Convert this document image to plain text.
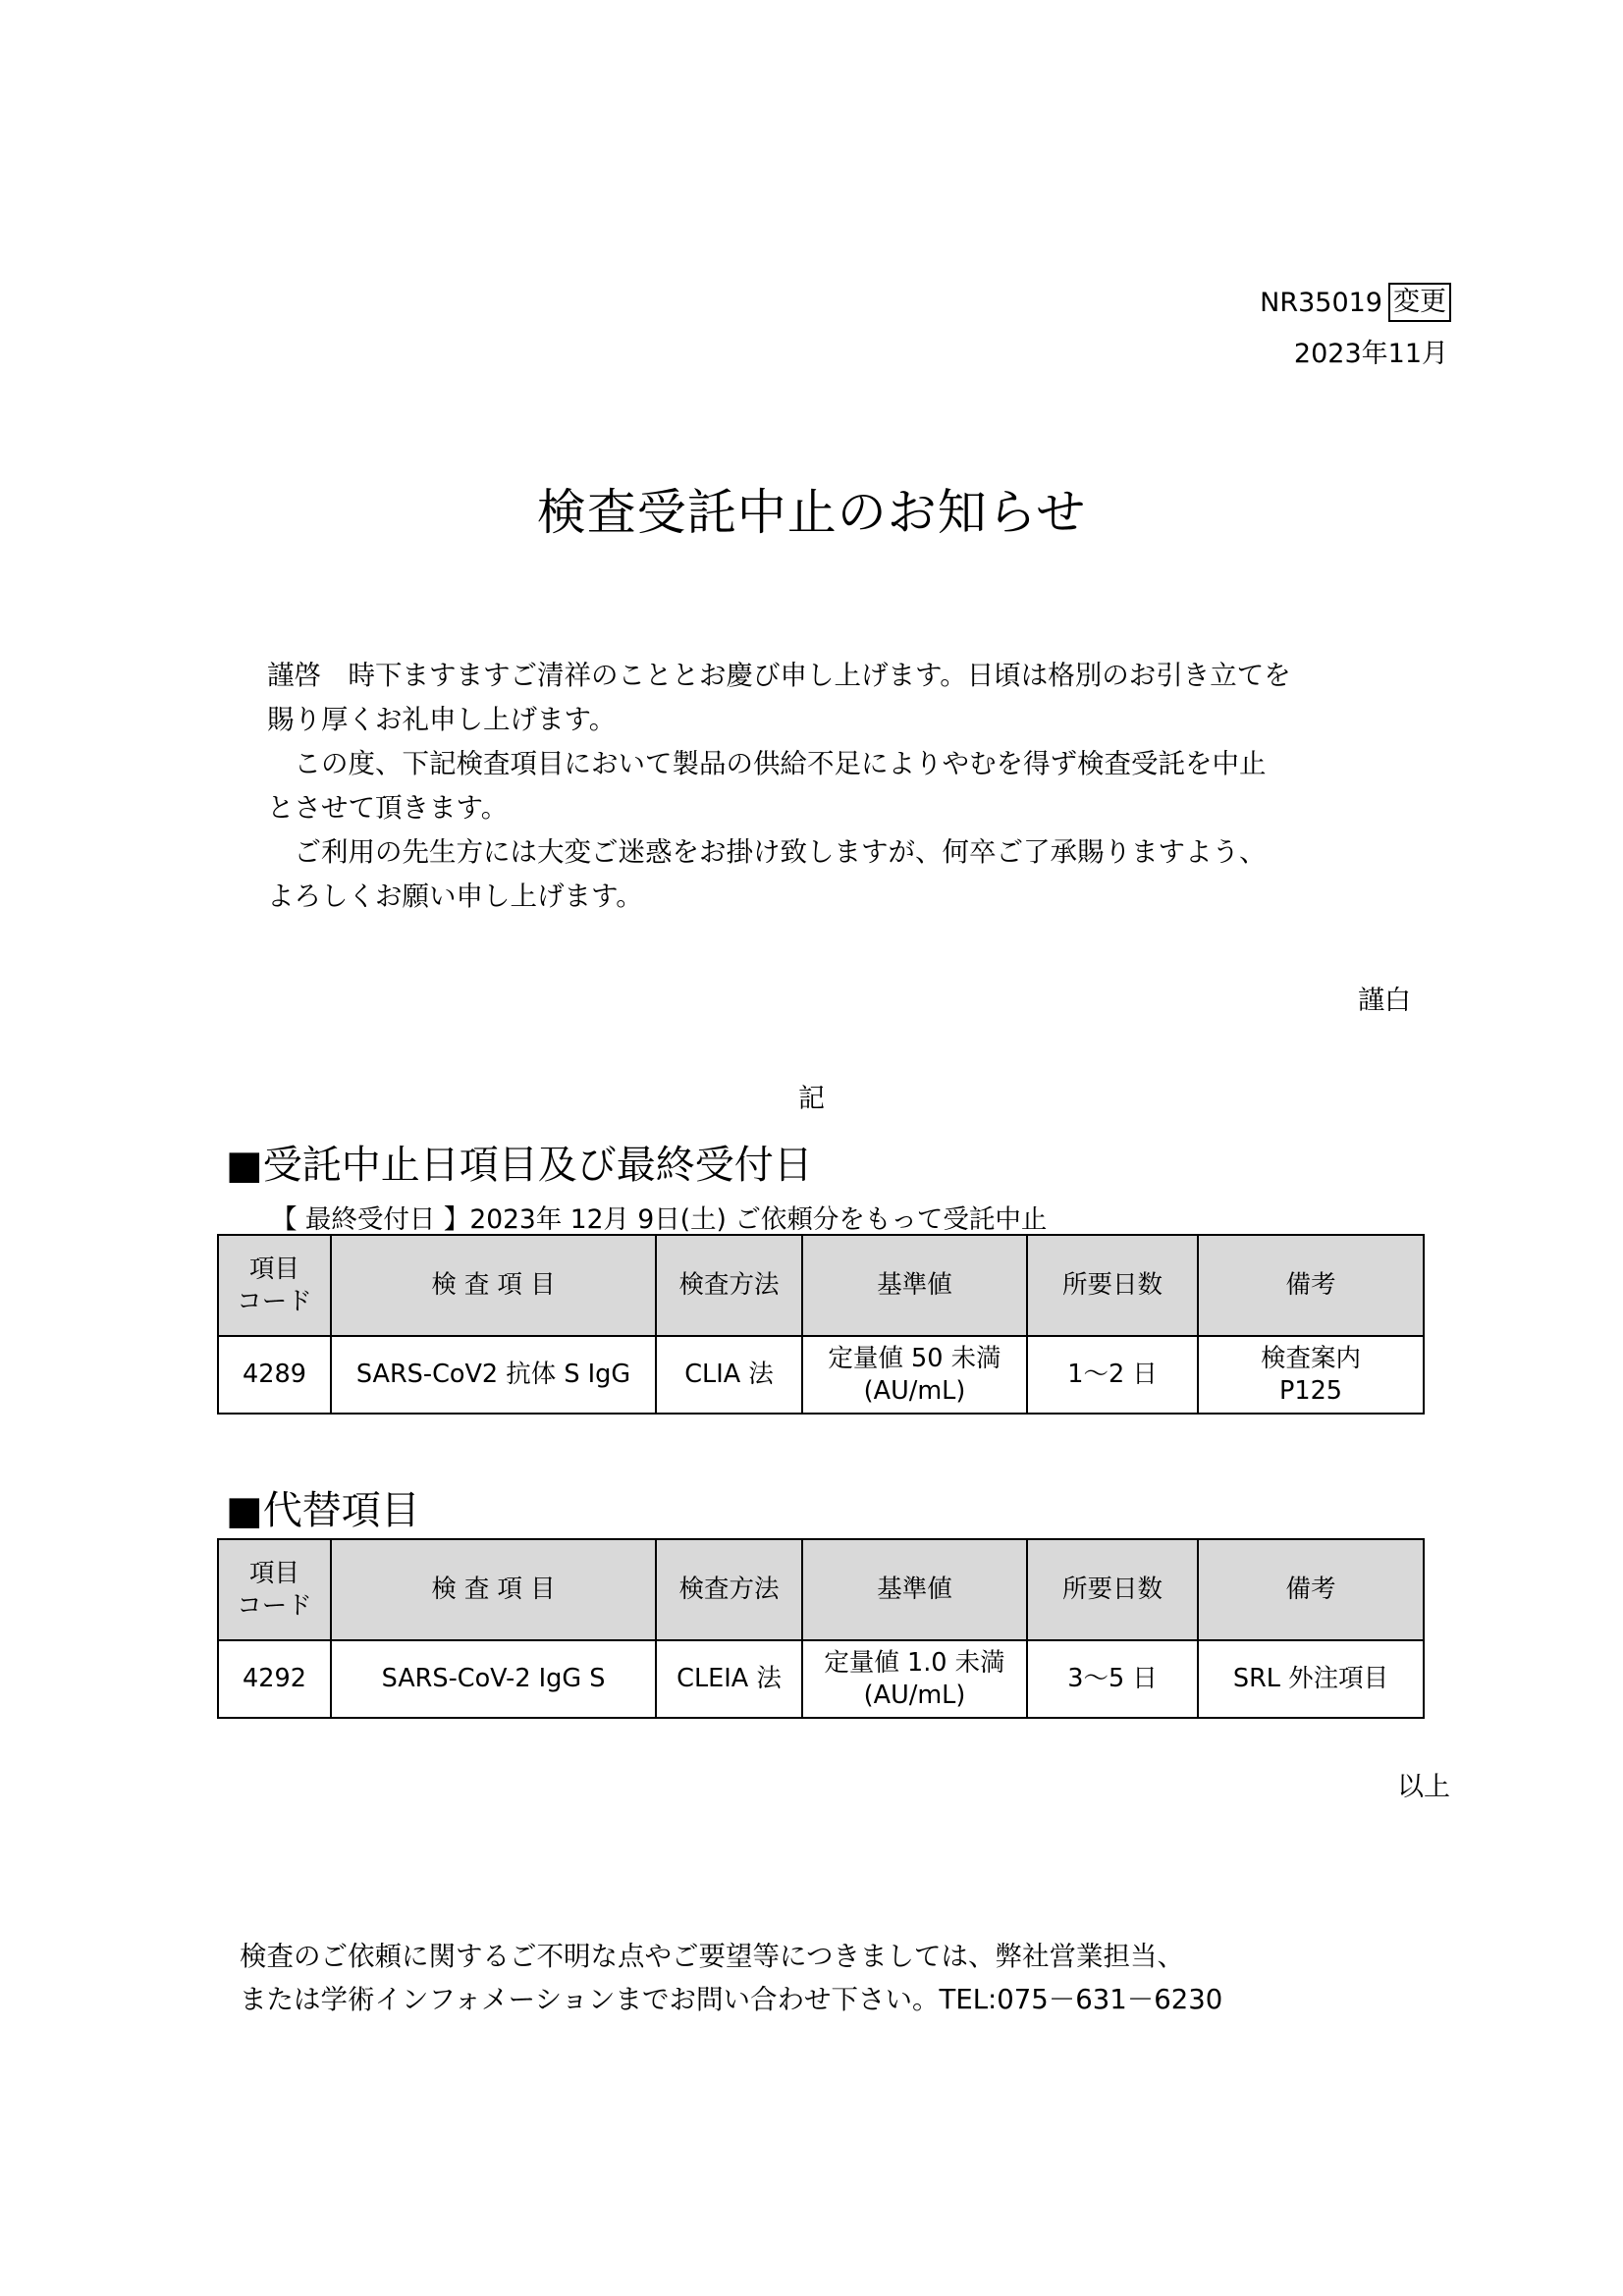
NR35019 変更
2023年11月
検査受託中止のお知らせ

謹啓　時下ますますご清祥のこととお慶び申し上げます。日頃は格別のお引き立てを

賜り厚くお礼申し上げます。

　この度、下記検査項目において製品の供給不足によりやむを得ず検査受託を中止

とさせて頂きます。

　ご利用の先生方には大変ご迷惑をお掛け致しますが、何卒ご了承賜りますよう、

よろしくお願い申し上げます。

謹白
記
■受託中止日項目及び最終受付日
【 最終受付日 】2023年 12月 9日(土) ご依頼分をもって受託中止
項目
コード	検 査 項 目	検査方法	基準値	所要日数	備考

4289	SARS-CoV2 抗体 S IgG	CLIA 法	定量値 50 未満
(AU/mL)	1～2 日	検査案内
P125
■代替項目
項目
コード	検 査 項 目	検査方法	基準値	所要日数	備考

4292	SARS-CoV-2 IgG S	CLEIA 法	定量値 1.0 未満
(AU/mL)	3～5 日	SRL 外注項目
以上

検査のご依頼に関するご不明な点やご要望等につきましては、弊社営業担当、

または学術インフォメーションまでお問い合わせ下さい。TEL:075－631－6230
